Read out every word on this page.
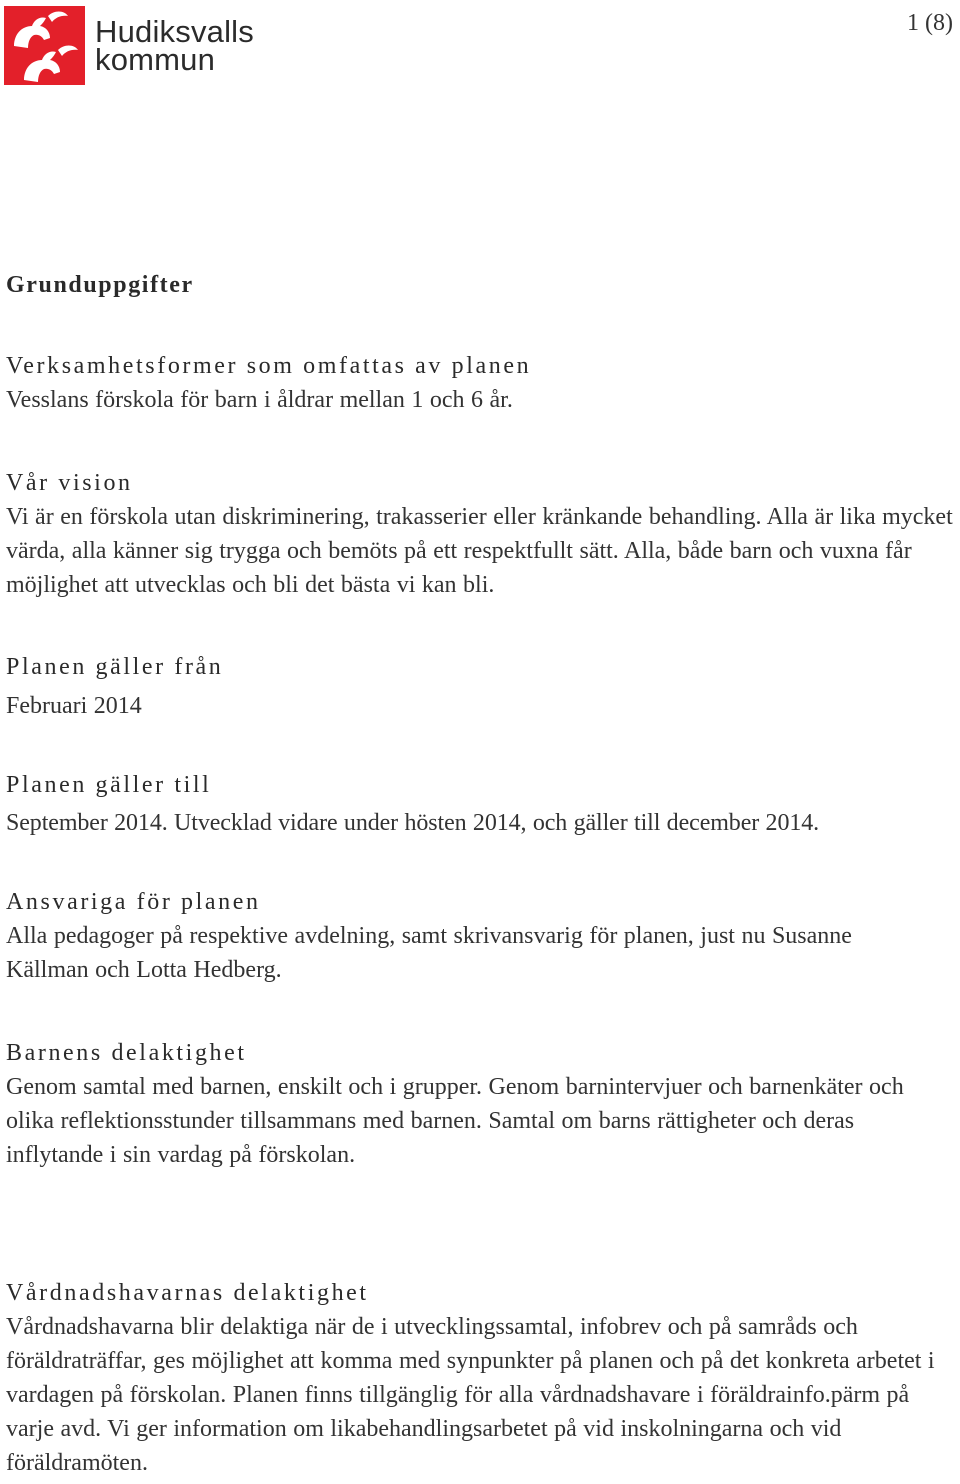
Hudiksvalls
kommun
1 (8)
Grunduppgifter
Verksamhetsformer som omfattas av planen

Vesslans förskola för barn i åldrar mellan 1 och 6 år.

Vår vision

Vi är en förskola utan diskriminering, trakasserier eller kränkande behandling. Alla är lika mycket värda, alla känner sig trygga och bemöts på ett respektfullt sätt. Alla, både barn och vuxna får möjlighet att utvecklas och bli det bästa vi kan bli.

Planen gäller från

Februari 2014

Planen gäller till

September 2014. Utvecklad vidare under hösten 2014, och gäller till december 2014.

Ansvariga för planen

Alla pedagoger på respektive avdelning, samt skrivansvarig för planen, just nu Susanne Källman och Lotta Hedberg.

Barnens delaktighet

Genom samtal med barnen, enskilt och i grupper. Genom barnintervjuer och barnenkäter och olika reflektionsstunder tillsammans med barnen. Samtal om barns rättigheter och deras inflytande i sin vardag på förskolan.

Vårdnadshavarnas delaktighet

Vårdnadshavarna blir delaktiga när de i utvecklingssamtal, infobrev och på samråds och föräldraträffar, ges möjlighet att komma med synpunkter på planen och på det konkreta arbetet i vardagen på förskolan. Planen finns tillgänglig för alla vårdnadshavare i föräldrainfo.pärm på varje avd. Vi ger information om likabehandlingsarbetet på vid inskolningarna och vid föräldramöten.
